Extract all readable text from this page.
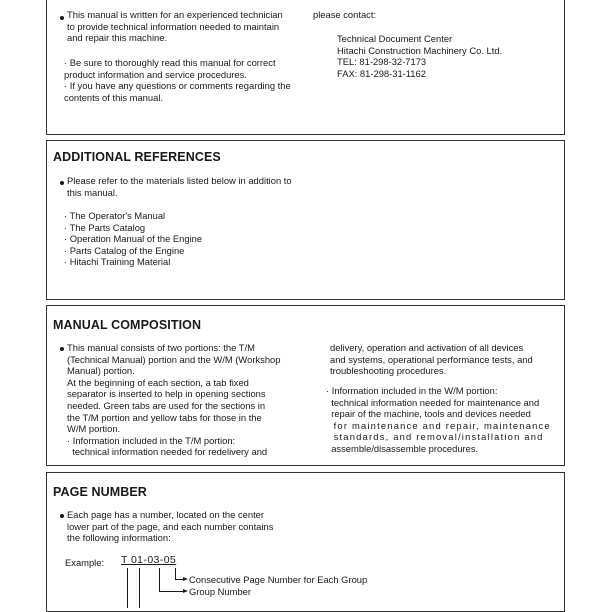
This manual is written for an experienced technician to provide technical information needed to maintain and repair this machine.
· Be sure to thoroughly read this manual for correct product information and service procedures.
· If you have any questions or comments regarding the contents of this manual.
please contact:
Technical Document Center
Hitachi Construction Machinery Co. Ltd.
TEL: 81-298-32-7173
FAX: 81-298-31-1162
ADDITIONAL REFERENCES
Please refer to the materials listed below in addition to this manual.
· The Operator's Manual
· The Parts Catalog
· Operation Manual of the Engine
· Parts Catalog of the Engine
· Hitachi Training Material
MANUAL COMPOSITION
This manual consists of two portions: the T/M
(Technical Manual) portion and the W/M (Workshop
Manual) portion.
At the beginning of each section, a tab fixed
separator is inserted to help in opening sections
needed. Green tabs are used for the sections in
the T/M portion and yellow tabs for those in the
W/M portion.
· Information included in the T/M portion:
technical information needed for redelivery and
delivery, operation and activation of all devices
and systems, operational performance tests, and
troubleshooting procedures.
· Information included in the W/M portion:
technical information needed for maintenance and
repair of the machine, tools and devices needed
for maintenance and repair, maintenance
standards, and removal/installation and
assemble/disassemble procedures.
PAGE NUMBER
Each page has a number, located on the center
lower part of the page, and each number contains
the following information:
Example: T 01-03-05
Consecutive Page Number for Each Group
Group Number
